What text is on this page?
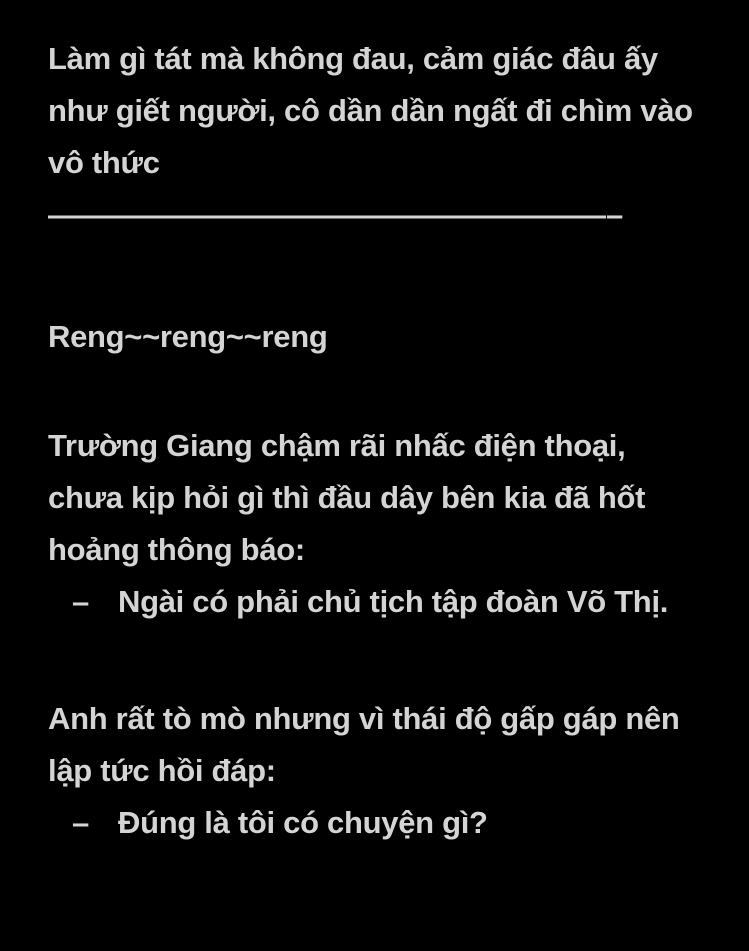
Làm gì tát mà không đau, cảm giác đâu ấy như giết người, cô dần dần ngất đi chìm vào vô thức

——————————————————–

Reng~~reng~~reng

Trường Giang chậm rãi nhấc điện thoại, chưa kịp hỏi gì thì đầu dây bên kia đã hốt hoảng thông báo:

– Ngài có phải chủ tịch tập đoàn Võ Thị.

Anh rất tò mò nhưng vì thái độ gấp gáp nên lập tức hồi đáp:

– Đúng là tôi có chuyện gì?
